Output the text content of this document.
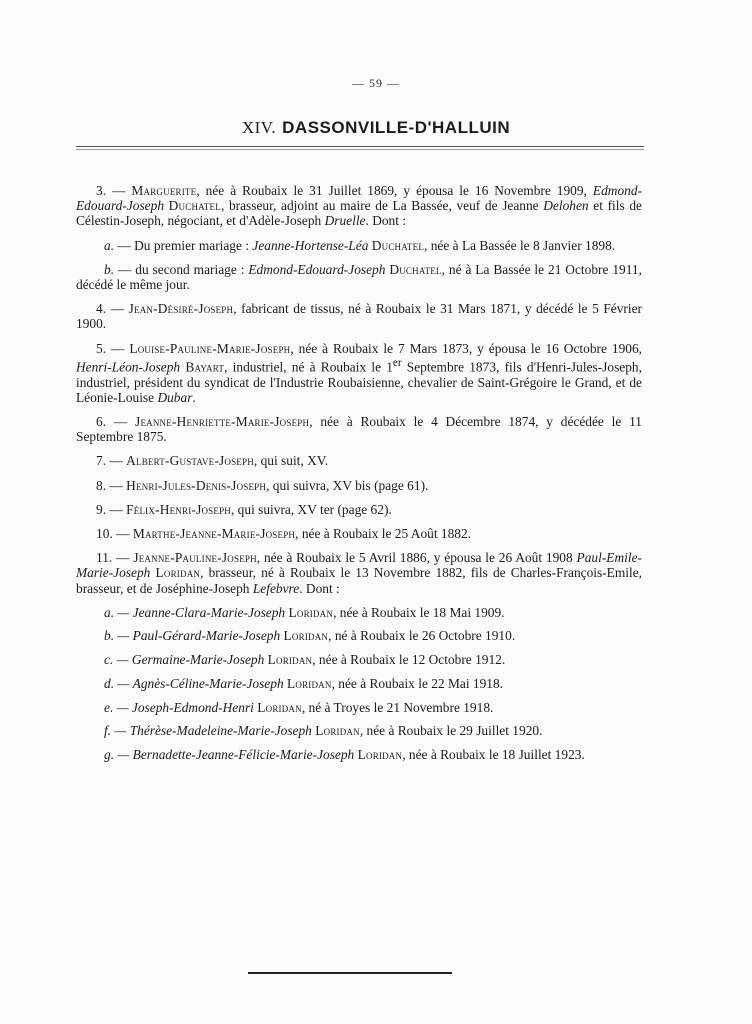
— 59 —
XIV. DASSONVILLE-D'HALLUIN

3. — Marguerite, née à Roubaix le 31 Juillet 1869, y épousa le 16 Novembre 1909, Edmond-Edouard-Joseph Duchatel, brasseur, adjoint au maire de La Bassée, veuf de Jeanne Delohen et fils de Célestin-Joseph, négociant, et d'Adèle-Joseph Druelle. Dont :

a. — Du premier mariage : Jeanne-Hortense-Léa Duchatel, née à La Bassée le 8 Janvier 1898.

b. — du second mariage : Edmond-Edouard-Joseph Duchatel, né à La Bassée le 21 Octobre 1911, décédé le même jour.

4. — Jean-Désiré-Joseph, fabricant de tissus, né à Roubaix le 31 Mars 1871, y décédé le 5 Février 1900.

5. — Louise-Pauline-Marie-Joseph, née à Roubaix le 7 Mars 1873, y épousa le 16 Octobre 1906, Henri-Léon-Joseph Bayart, industriel, né à Roubaix le 1er Septembre 1873, fils d'Henri-Jules-Joseph, industriel, président du syndicat de l'Industrie Roubaisienne, chevalier de Saint-Grégoire le Grand, et de Léonie-Louise Dubar.

6. — Jeanne-Henriette-Marie-Joseph, née à Roubaix le 4 Décembre 1874, y décédée le 11 Septembre 1875.

7. — Albert-Gustave-Joseph, qui suit, XV.

8. — Henri-Jules-Denis-Joseph, qui suivra, XV bis (page 61).

9. — Félix-Henri-Joseph, qui suivra, XV ter (page 62).

10. — Marthe-Jeanne-Marie-Joseph, née à Roubaix le 25 Août 1882.

11. — Jeanne-Pauline-Joseph, née à Roubaix le 5 Avril 1886, y épousa le 26 Août 1908 Paul-Emile-Marie-Joseph Loridan, brasseur, né à Roubaix le 13 Novembre 1882, fils de Charles-François-Emile, brasseur, et de Joséphine-Joseph Lefebvre. Dont :

a. — Jeanne-Clara-Marie-Joseph Loridan, née à Roubaix le 18 Mai 1909.

b. — Paul-Gérard-Marie-Joseph Loridan, né à Roubaix le 26 Octobre 1910.

c. — Germaine-Marie-Joseph Loridan, née à Roubaix le 12 Octobre 1912.

d. — Agnès-Céline-Marie-Joseph Loridan, née à Roubaix le 22 Mai 1918.

e. — Joseph-Edmond-Henri Loridan, né à Troyes le 21 Novembre 1918.

f. — Thérèse-Madeleine-Marie-Joseph Loridan, née à Roubaix le 29 Juillet 1920.

g. — Bernadette-Jeanne-Félicie-Marie-Joseph Loridan, née à Roubaix le 18 Juillet 1923.
